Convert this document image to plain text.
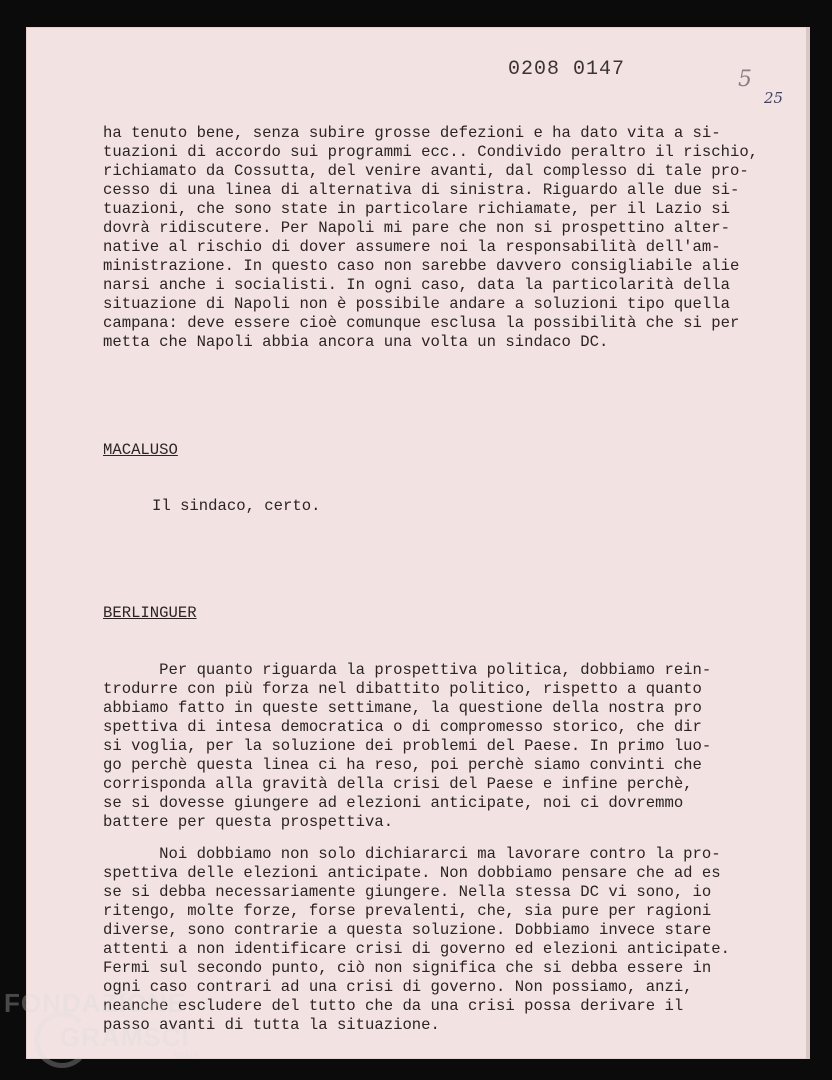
0208 0147	5
25
ha tenuto bene, senza subire grosse defezioni e ha dato vita a si-
tuazioni di accordo sui programmi ecc.. Condivido peraltro il rischio,
richiamato da Cossutta, del venire avanti, dal complesso di tale pro-
cesso di una linea di alternativa di sinistra. Riguardo alle due si-
tuazioni, che sono state in particolare richiamate, per il Lazio si
dovrà ridiscutere. Per Napoli mi pare che non si prospettino alter-
native al rischio di dover assumere noi la responsabilità dell'am-
ministrazione. In questo caso non sarebbe davvero consigliabile alie
narsi anche i socialisti. In ogni caso, data la particolarità della
situazione di Napoli non è possibile andare a soluzioni tipo quella
campana: deve essere cioè comunque esclusa la possibilità che si per
metta che Napoli abbia ancora una volta un sindaco DC.
MACALUSO
Il sindaco, certo.
BERLINGUER
Per quanto riguarda la prospettiva politica, dobbiamo rein-
trodurre con più forza nel dibattito politico, rispetto a quanto
abbiamo fatto in queste settimane, la questione della nostra pro
spettiva di intesa democratica o di compromesso storico, che dir
si voglia, per la soluzione dei problemi del Paese. In primo luo-
go perchè questa linea ci ha reso, poi perchè siamo convinti che
corrisponda alla gravità della crisi del Paese e infine perchè,
se si dovesse giungere ad elezioni anticipate, noi ci dovremmo
battere per questa prospettiva.
Noi dobbiamo non solo dichiararci ma lavorare contro la pro-
spettiva delle elezioni anticipate. Non dobbiamo pensare che ad es
se si debba necessariamente giungere. Nella stessa DC vi sono, io
ritengo, molte forze, forse prevalenti, che, sia pure per ragioni
diverse, sono contrarie a questa soluzione. Dobbiamo invece stare
attenti a non identificare crisi di governo ed elezioni anticipate.
Fermi sul secondo punto, ciò non significa che si debba essere in
ogni caso contrari ad una crisi di governo. Non possiamo, anzi,
neanche escludere del tutto che da una crisi possa derivare il
passo avanti di tutta la situazione.
FONDAZIONE
GRAMSCI
onlus
